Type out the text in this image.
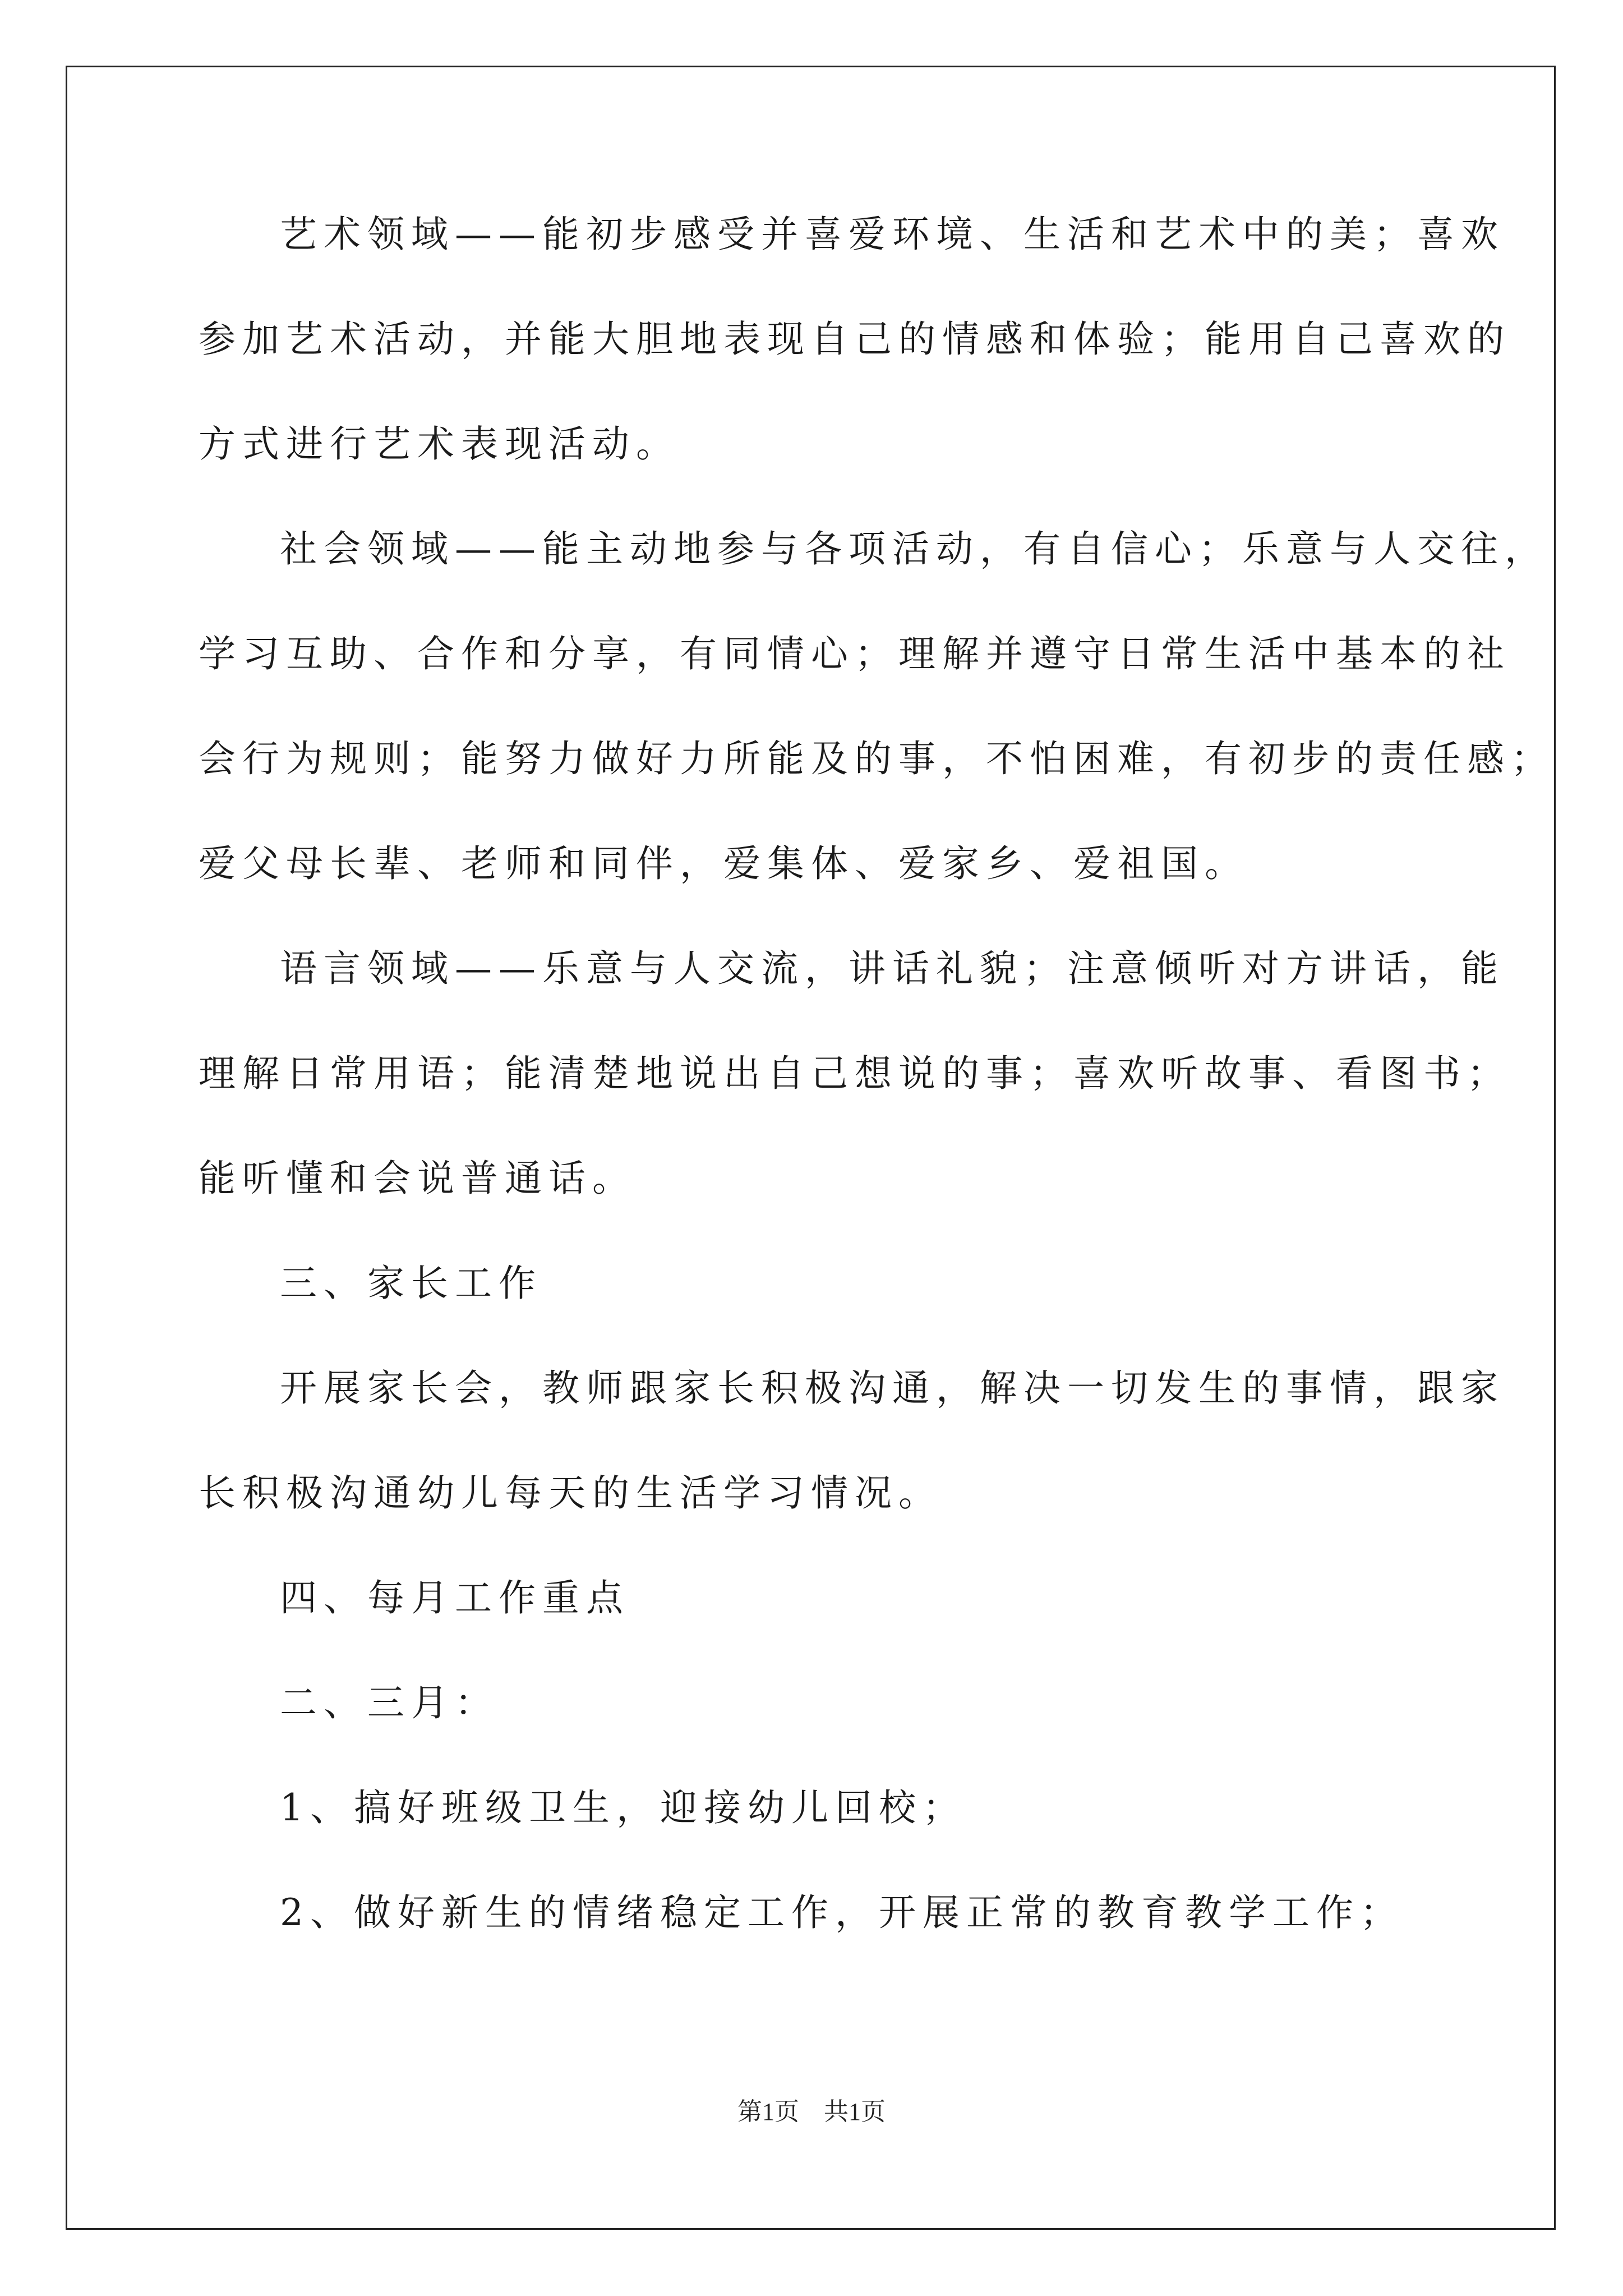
艺术领域——能初步感受并喜爱环境、生活和艺术中的美；喜欢
参加艺术活动，并能大胆地表现自己的情感和体验；能用自己喜欢的
方式进行艺术表现活动。
社会领域——能主动地参与各项活动，有自信心；乐意与人交往，
学习互助、合作和分享，有同情心；理解并遵守日常生活中基本的社
会行为规则；能努力做好力所能及的事，不怕困难，有初步的责任感；
爱父母长辈、老师和同伴，爱集体、爱家乡、爱祖国。
语言领域——乐意与人交流，讲话礼貌；注意倾听对方讲话，能
理解日常用语；能清楚地说出自己想说的事；喜欢听故事、看图书；
能听懂和会说普通话。
三、家长工作
开展家长会，教师跟家长积极沟通，解决一切发生的事情，跟家
长积极沟通幼儿每天的生活学习情况。
四、每月工作重点
二、三月：
1、搞好班级卫生，迎接幼儿回校；
2、做好新生的情绪稳定工作，开展正常的教育教学工作；
第1页 共1页
